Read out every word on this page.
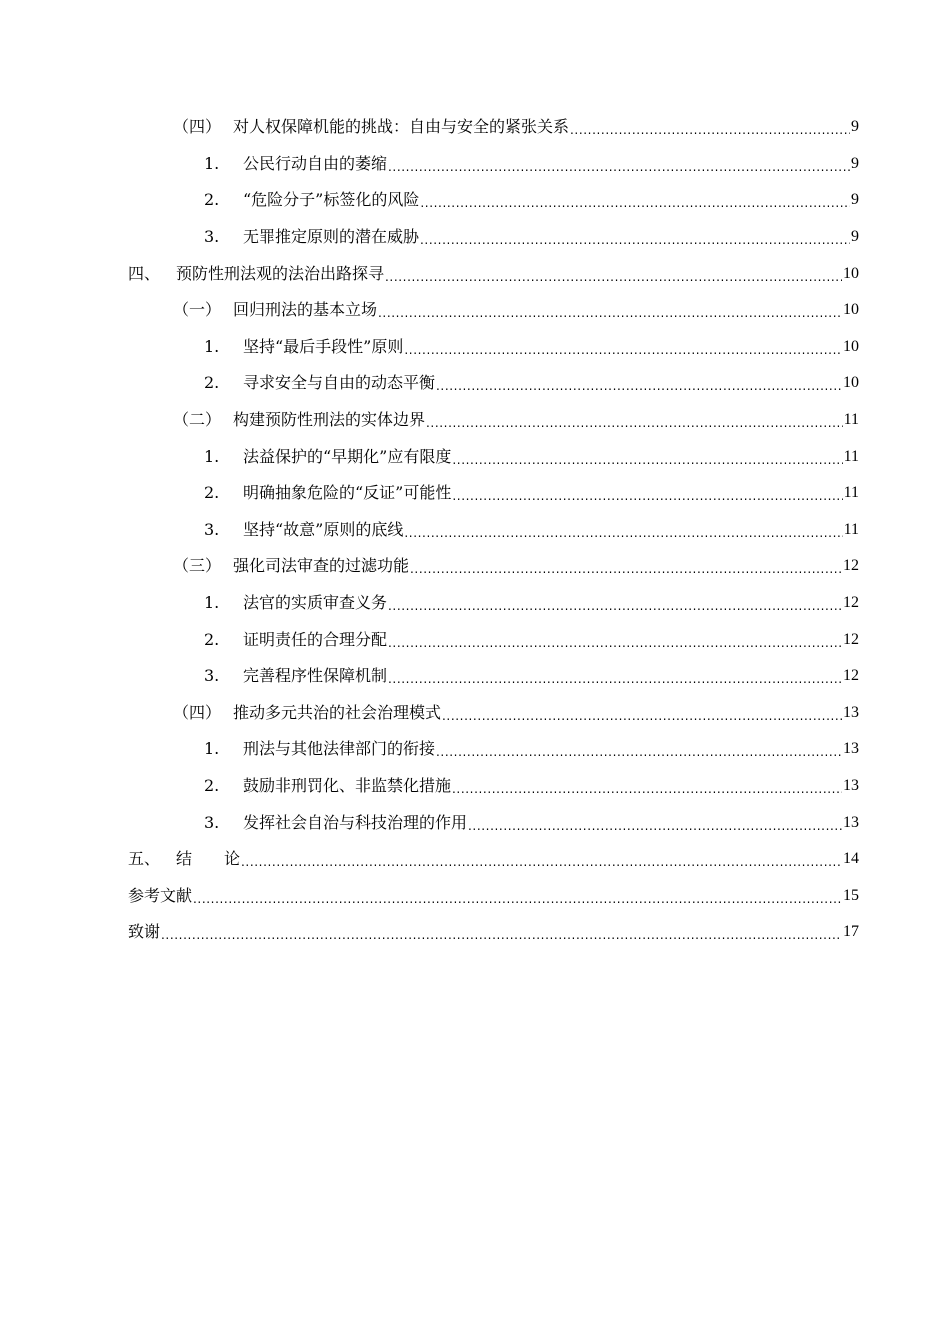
（四） 对人权保障机能的挑战：自由与安全的紧张关系 .....	9
1.	公民行动自由的萎缩 .....	9
2.	“危险分子”标签化的风险 .....	9
3.	无罪推定原则的潜在威胁 .....	9
四、 预防性刑法观的法治出路探寻 .....	10
（一） 回归刑法的基本立场 .....	10
1.	坚持“最后手段性”原则 .....	10
2.	寻求安全与自由的动态平衡 .....	10
（二） 构建预防性刑法的实体边界 .....	11
1.	法益保护的“早期化”应有限度 .....	11
2.	明确抽象危险的“反证”可能性 .....	11
3.	坚持“故意”原则的底线 .....	11
（三） 强化司法审查的过滤功能 .....	12
1.	法官的实质审查义务 .....	12
2.	证明责任的合理分配 .....	12
3.	完善程序性保障机制 .....	12
（四） 推动多元共治的社会治理模式 .....	13
1.	刑法与其他法律部门的衔接 .....	13
2.	鼓励非刑罚化、非监禁化措施 .....	13
3.	发挥社会自治与科技治理的作用 .....	13
五、 结　　论 .....	14
参考文献 .....	15
致谢 .....	17
